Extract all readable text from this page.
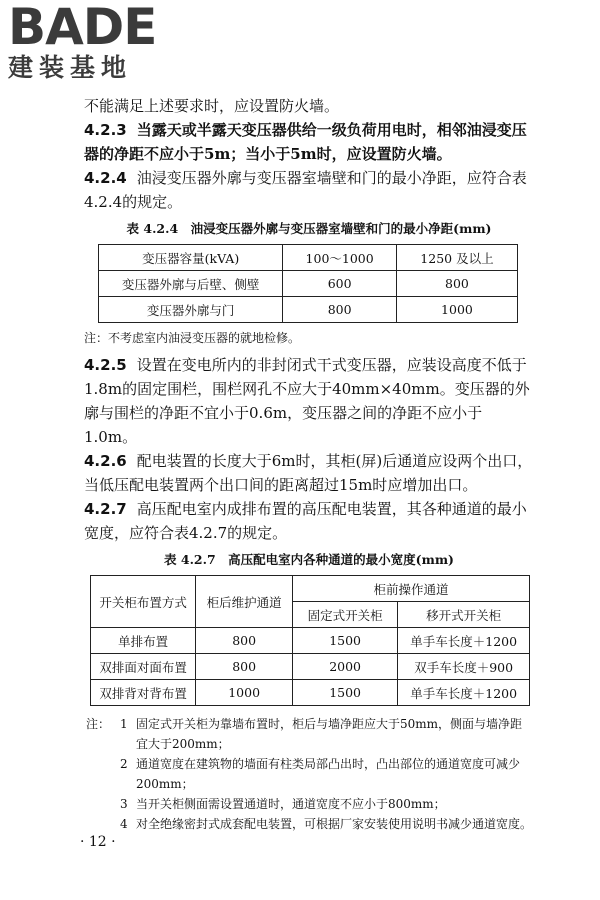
BADE
建装基地

不能满足上述要求时，应设置防火墙。

4.2.3 当露天或半露天变压器供给一级负荷用电时，相邻油浸变压器的净距不应小于5m；当小于5m时，应设置防火墙。

4.2.4 油浸变压器外廓与变压器室墙壁和门的最小净距，应符合表4.2.4的规定。

表 4.2.4　油浸变压器外廓与变压器室墙壁和门的最小净距(mm)
变压器容量(kVA)	100～1000	1250 及以上
变压器外廓与后壁、侧壁	600	800
变压器外廓与门	800	1000
注：不考虑室内油浸变压器的就地检修。

4.2.5 设置在变电所内的非封闭式干式变压器，应装设高度不低于1.8m的固定围栏，围栏网孔不应大于40mm×40mm。变压器的外廓与围栏的净距不宜小于0.6m，变压器之间的净距不应小于1.0m。

4.2.6 配电装置的长度大于6m时，其柜(屏)后通道应设两个出口，当低压配电装置两个出口间的距离超过15m时应增加出口。

4.2.7 高压配电室内成排布置的高压配电装置，其各种通道的最小宽度，应符合表4.2.7的规定。

表 4.2.7　高压配电室内各种通道的最小宽度(mm)
开关柜布置方式	柜后维护通道	柜前操作通道	
		固定式开关柜	移开式开关柜
单排布置	800	1500	单手车长度＋1200
双排面对面布置	800	2000	双手车长度＋900
双排背对背布置	1000	1500	单手车长度＋1200
注： 1 固定式开关柜为靠墙布置时，柜后与墙净距应大于50mm，侧面与墙净距宜大于200mm；
2 通道宽度在建筑物的墙面有柱类局部凸出时，凸出部位的通道宽度可减少200mm；
3 当开关柜侧面需设置通道时，通道宽度不应小于800mm；
4 对全绝缘密封式成套配电装置，可根据厂家安装使用说明书减少通道宽度。
· 12 ·
